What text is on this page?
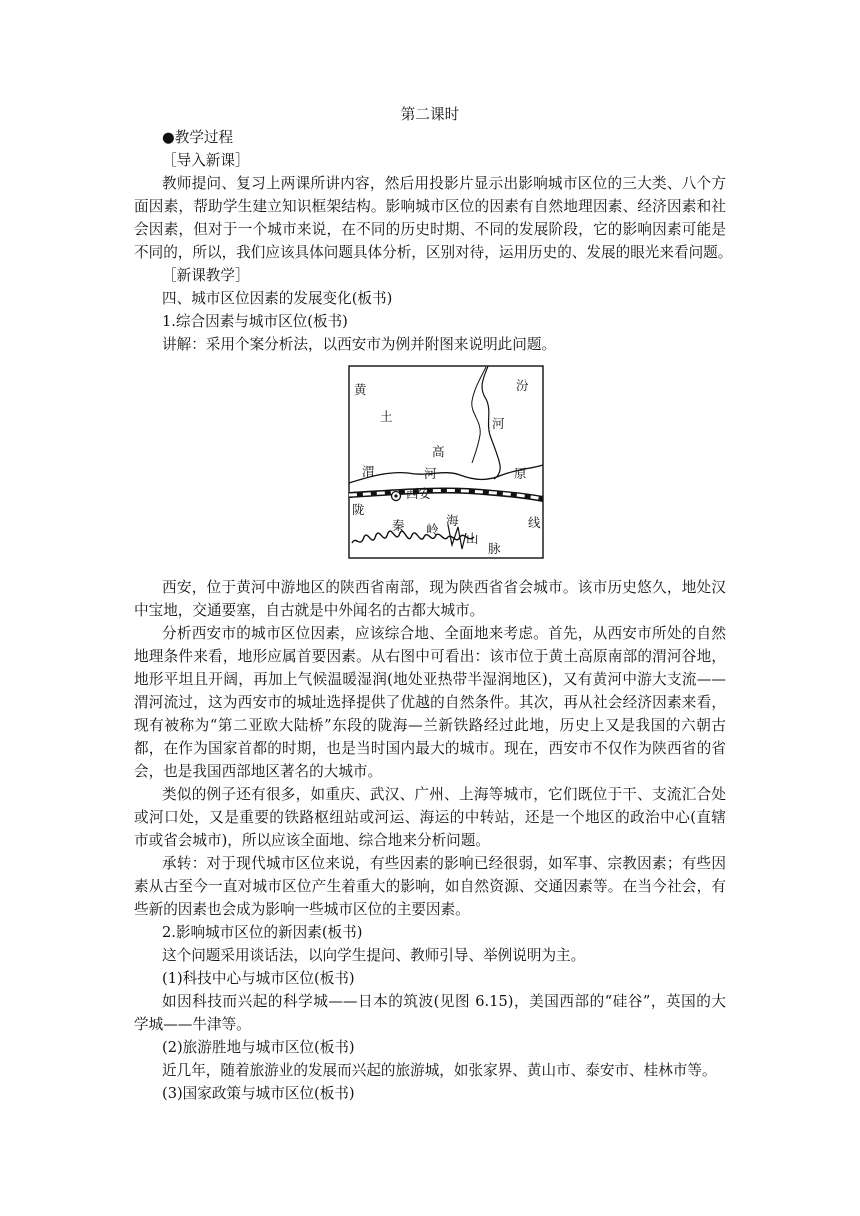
第二课时
●教学过程
［导入新课］
教师提问、复习上两课所讲内容，然后用投影片显示出影响城市区位的三大类、八个方
面因素，帮助学生建立知识框架结构。影响城市区位的因素有自然地理因素、经济因素和社
会因素，但对于一个城市来说，在不同的历史时期、不同的发展阶段，它的影响因素可能是
不同的，所以，我们应该具体问题具体分析，区别对待，运用历史的、发展的眼光来看问题。
［新课教学］
四、城市区位因素的发展变化(板书)
1.综合因素与城市区位(板书)
讲解：采用个案分析法，以西安市为例并附图来说明此问题。
黄
土
汾
河
高
渭	河	原
西安
陇
海	线
秦 岭
山
脉
西安，位于黄河中游地区的陕西省南部，现为陕西省省会城市。该市历史悠久，地处汉
中宝地，交通要塞，自古就是中外闻名的古都大城市。
分析西安市的城市区位因素，应该综合地、全面地来考虑。首先，从西安市所处的自然
地理条件来看，地形应属首要因素。从右图中可看出：该市位于黄土高原南部的渭河谷地，
地形平坦且开阔，再加上气候温暖湿润(地处亚热带半湿润地区)，又有黄河中游大支流——
渭河流过，这为西安市的城址选择提供了优越的自然条件。其次，再从社会经济因素来看，
现有被称为“第二亚欧大陆桥”东段的陇海—兰新铁路经过此地，历史上又是我国的六朝古
都，在作为国家首都的时期，也是当时国内最大的城市。现在，西安市不仅作为陕西省的省
会，也是我国西部地区著名的大城市。
类似的例子还有很多，如重庆、武汉、广州、上海等城市，它们既位于干、支流汇合处
或河口处，又是重要的铁路枢纽站或河运、海运的中转站，还是一个地区的政治中心(直辖
市或省会城市)，所以应该全面地、综合地来分析问题。
承转：对于现代城市区位来说，有些因素的影响已经很弱，如军事、宗教因素；有些因
素从古至今一直对城市区位产生着重大的影响，如自然资源、交通因素等。在当今社会，有
些新的因素也会成为影响一些城市区位的主要因素。
2.影响城市区位的新因素(板书)
这个问题采用谈话法，以向学生提问、教师引导、举例说明为主。
(1)科技中心与城市区位(板书)
如因科技而兴起的科学城——日本的筑波(见图 6.15)，美国西部的“硅谷”，英国的大
学城——牛津等。
(2)旅游胜地与城市区位(板书)
近几年，随着旅游业的发展而兴起的旅游城，如张家界、黄山市、泰安市、桂林市等。
(3)国家政策与城市区位(板书)
